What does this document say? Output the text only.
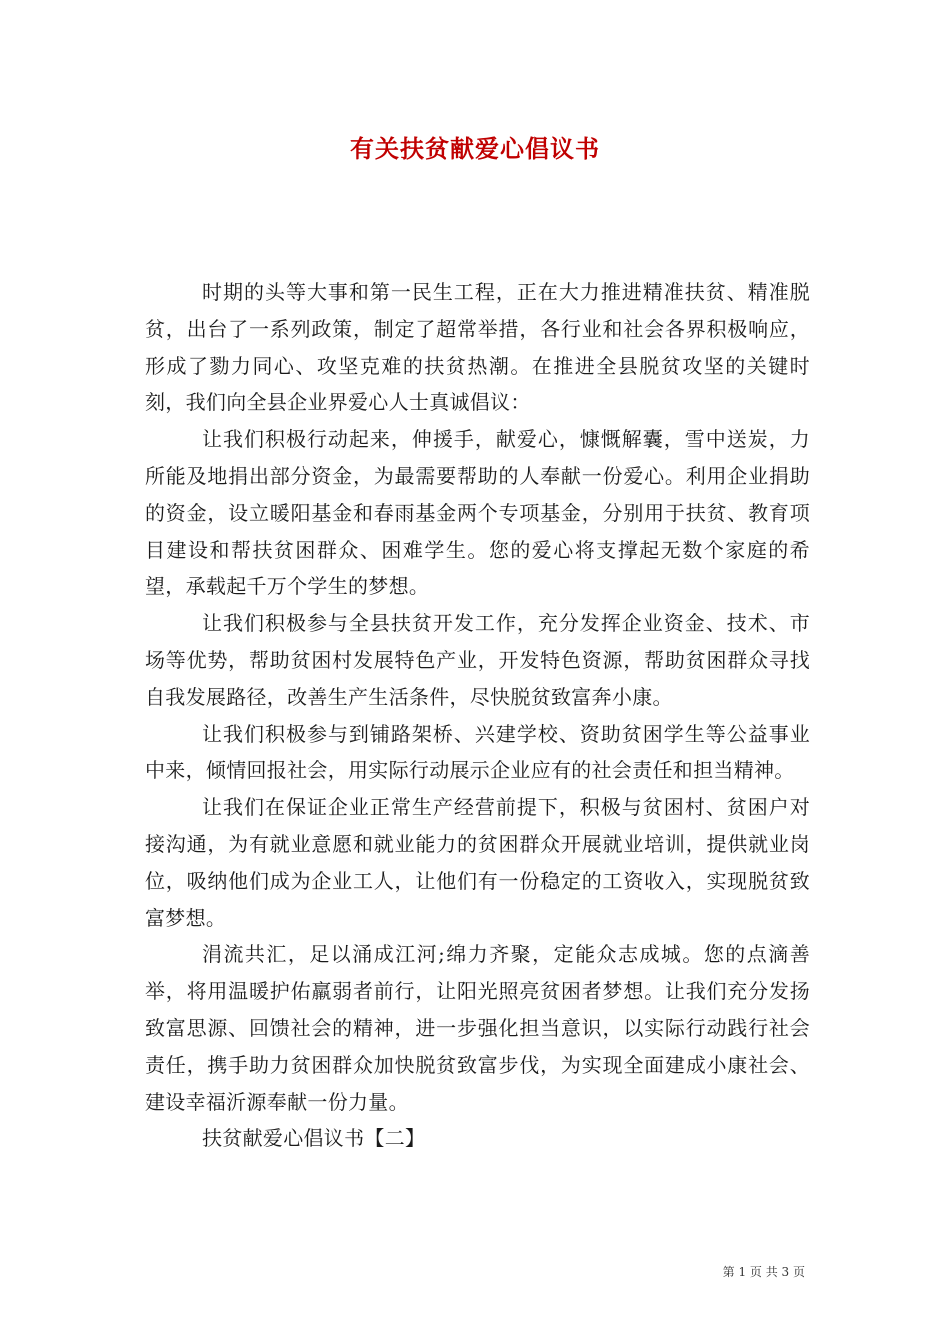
有关扶贫献爱心倡议书

时期的头等大事和第一民生工程，正在大力推进精准扶贫、精准脱贫，出台了一系列政策，制定了超常举措，各行业和社会各界积极响应，形成了勠力同心、攻坚克难的扶贫热潮。在推进全县脱贫攻坚的关键时刻，我们向全县企业界爱心人士真诚倡议：

让我们积极行动起来，伸援手，献爱心，慷慨解囊，雪中送炭，力所能及地捐出部分资金，为最需要帮助的人奉献一份爱心。利用企业捐助的资金，设立暖阳基金和春雨基金两个专项基金，分别用于扶贫、教育项目建设和帮扶贫困群众、困难学生。您的爱心将支撑起无数个家庭的希望，承载起千万个学生的梦想。

让我们积极参与全县扶贫开发工作，充分发挥企业资金、技术、市场等优势，帮助贫困村发展特色产业，开发特色资源，帮助贫困群众寻找自我发展路径，改善生产生活条件，尽快脱贫致富奔小康。

让我们积极参与到铺路架桥、兴建学校、资助贫困学生等公益事业中来，倾情回报社会，用实际行动展示企业应有的社会责任和担当精神。

让我们在保证企业正常生产经营前提下，积极与贫困村、贫困户对接沟通，为有就业意愿和就业能力的贫困群众开展就业培训，提供就业岗位，吸纳他们成为企业工人，让他们有一份稳定的工资收入，实现脱贫致富梦想。

涓流共汇，足以涌成江河;绵力齐聚，定能众志成城。您的点滴善举，将用温暖护佑羸弱者前行，让阳光照亮贫困者梦想。让我们充分发扬致富思源、回馈社会的精神，进一步强化担当意识，以实际行动践行社会责任，携手助力贫困群众加快脱贫致富步伐，为实现全面建成小康社会、建设幸福沂源奉献一份力量。

扶贫献爱心倡议书【二】

第 1 页 共 3 页
